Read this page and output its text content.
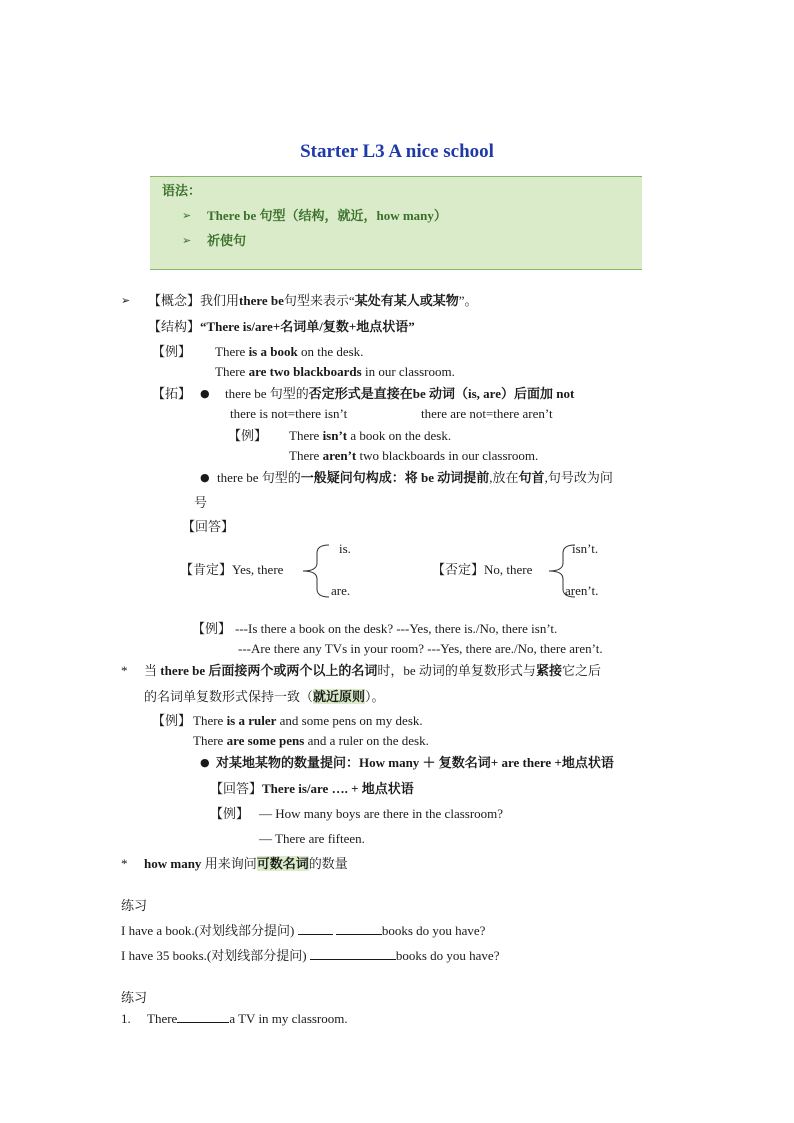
Starter L3 A nice school
语法：
➢ There be 句型（结构，就近，how many）
➢ 祈使句
➢ 【概念】我们用there be句型来表示“某处有某人或某物”。
【结构】“There is/are+名词单/复数+地点状语”
【例】 There is a book on the desk.
There are two blackboards in our classroom.
【拓】 ● there be 句型的否定形式是直接在be 动词（is, are）后面加 not
there is not=there isn’t	there are not=there aren’t
【例】 There isn’t a book on the desk.
There aren’t two blackboards in our classroom.
● there be 句型的一般疑问句构成：将 be 动词提前,放在句首,句号改为问
号
【回答】
【肯定】Yes, there
is.
are.
【否定】No, there
isn’t.
aren’t.
【例】 ---Is there a book on the desk? ---Yes, there is./No, there isn’t.
---Are there any TVs in your room? ---Yes, there are./No, there aren’t.
* 当 there be 后面接两个或两个以上的名词时，be 动词的单复数形式与紧接它之后
的名词单复数形式保持一致（就近原则）。
【例】 There is a ruler and some pens on my desk.
There are some pens and a ruler on the desk.
● 对某地某物的数量提问：How many ＋ 复数名词+ are there +地点状语
【回答】There is/are …. + 地点状语
【例】 — How many boys are there in the classroom?
— There are fifteen.
* how many 用来询问可数名词的数量
练习
I have a book.(对划线部分提问)	books do you have?
I have 35 books.(对划线部分提问)	books do you have?
练习
1. There	a TV in my classroom.
